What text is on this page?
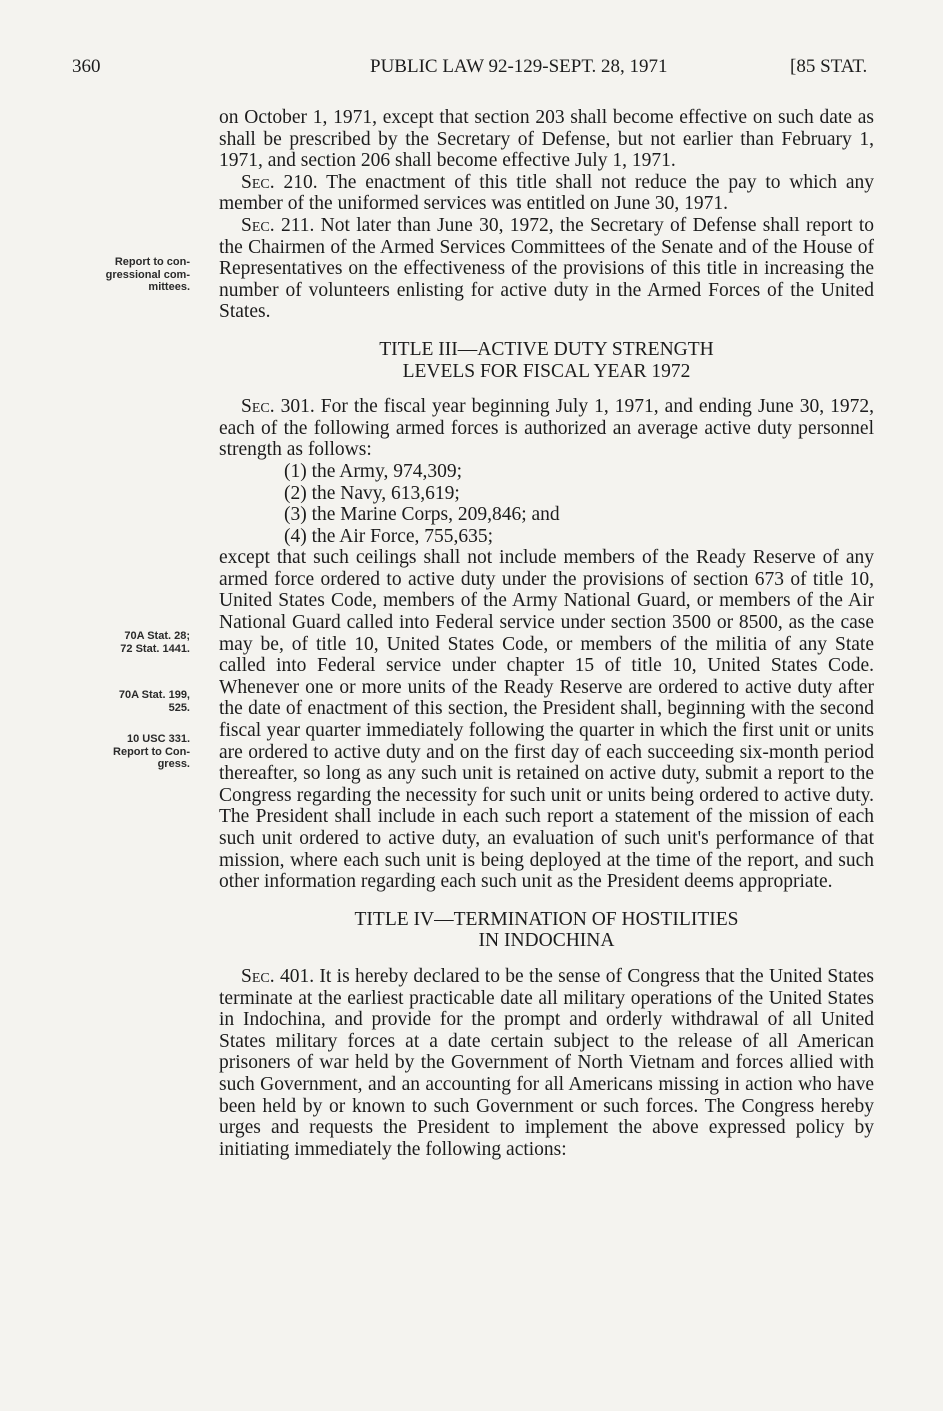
360	PUBLIC LAW 92-129-SEPT. 28, 1971	[85 STAT.
Report to con-
gressional com-
mittees.
70A Stat. 28;
72 Stat. 1441.
70A Stat. 199,
525.
10 USC 331.
Report to Con-
gress.

on October 1, 1971, except that section 203 shall become effective on such date as shall be prescribed by the Secretary of Defense, but not earlier than February 1, 1971, and section 206 shall become effective July 1, 1971.

Sec. 210. The enactment of this title shall not reduce the pay to which any member of the uniformed services was entitled on June 30, 1971.

Sec. 211. Not later than June 30, 1972, the Secretary of Defense shall report to the Chairmen of the Armed Services Committees of the Senate and of the House of Representatives on the effectiveness of the provisions of this title in increasing the number of volunteers enlisting for active duty in the Armed Forces of the United States.

TITLE III—ACTIVE DUTY STRENGTH
LEVELS FOR FISCAL YEAR 1972

Sec. 301. For the fiscal year beginning July 1, 1971, and ending June 30, 1972, each of the following armed forces is authorized an average active duty personnel strength as follows:

(1) the Army, 974,309;
(2) the Navy, 613,619;
(3) the Marine Corps, 209,846; and
(4) the Air Force, 755,635;

except that such ceilings shall not include members of the Ready Reserve of any armed force ordered to active duty under the provisions of section 673 of title 10, United States Code, members of the Army National Guard, or members of the Air National Guard called into Federal service under section 3500 or 8500, as the case may be, of title 10, United States Code, or members of the militia of any State called into Federal service under chapter 15 of title 10, United States Code. Whenever one or more units of the Ready Reserve are ordered to active duty after the date of enactment of this section, the President shall, beginning with the second fiscal year quarter immediately following the quarter in which the first unit or units are ordered to active duty and on the first day of each succeeding six-month period thereafter, so long as any such unit is retained on active duty, submit a report to the Congress regarding the necessity for such unit or units being ordered to active duty. The President shall include in each such report a statement of the mission of each such unit ordered to active duty, an evaluation of such unit's performance of that mission, where each such unit is being deployed at the time of the report, and such other information regarding each such unit as the President deems appropriate.

TITLE IV—TERMINATION OF HOSTILITIES
IN INDOCHINA

Sec. 401. It is hereby declared to be the sense of Congress that the United States terminate at the earliest practicable date all military operations of the United States in Indochina, and provide for the prompt and orderly withdrawal of all United States military forces at a date certain subject to the release of all American prisoners of war held by the Government of North Vietnam and forces allied with such Government, and an accounting for all Americans missing in action who have been held by or known to such Government or such forces. The Congress hereby urges and requests the President to implement the above expressed policy by initiating immediately the following actions:
